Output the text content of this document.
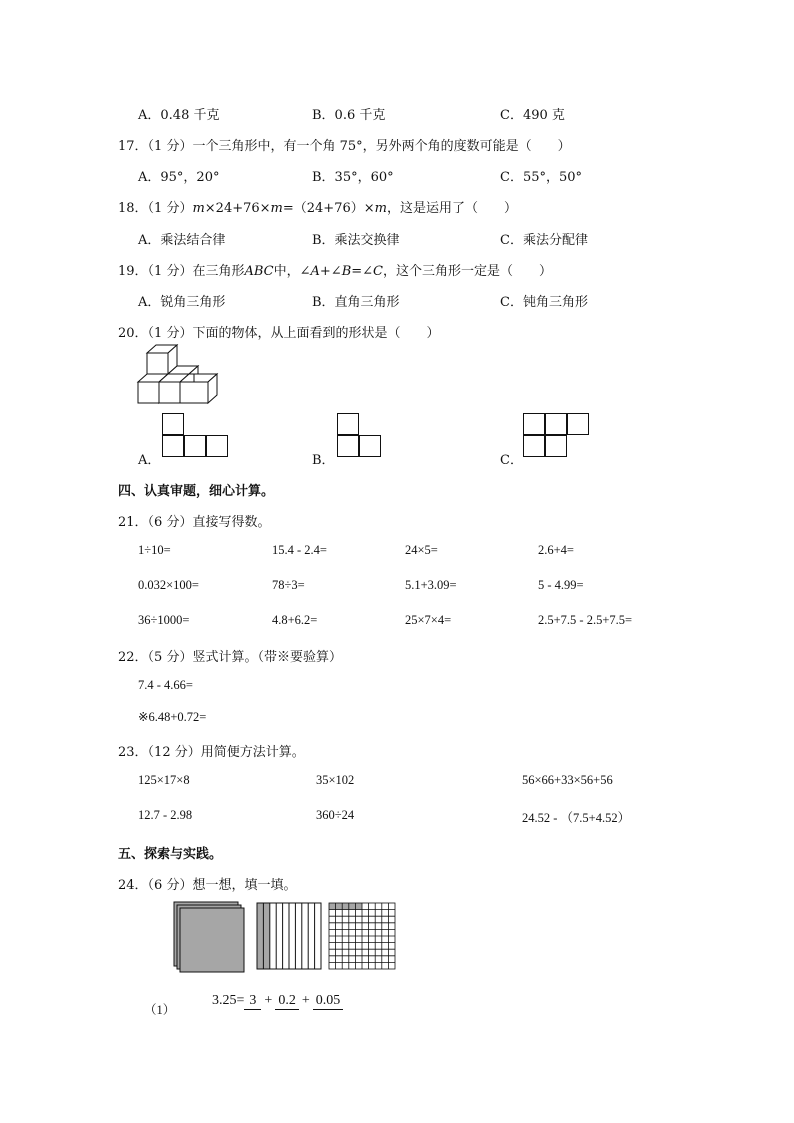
A．0.48 千克	B．0.6 千克	C．490 克
17．（1 分）一个三角形中，有一个角 75°，另外两个角的度数可能是（　　）
A．95°，20°	B．35°，60°	C．55°，50°
18．（1 分）m×24+76×m=（24+76）×m，这是运用了（　　）
A．乘法结合律	B．乘法交换律	C．乘法分配律
19．（1 分）在三角形ABC中，∠A+∠B=∠C，这个三角形一定是（　　）
A．锐角三角形	B．直角三角形	C．钝角三角形
20．（1 分）下面的物体，从上面看到的形状是（　　）
A．	B．	C．
四、认真审题，细心计算。
21．（6 分）直接写得数。
1÷10=	15.4 - 2.4=	24×5=	2.6+4=
0.032×100=	78÷3=	5.1+3.09=	5 - 4.99=
36÷1000=	4.8+6.2=	25×7×4=	2.5+7.5 - 2.5+7.5=
22．（5 分）竖式计算。（带※要验算）
7.4 - 4.66=
※6.48+0.72=
23．（12 分）用简便方法计算。
125×17×8	35×102	56×66+33×56+56
12.7 - 2.98	360÷24	24.52 - （7.5+4.52）
五、探索与实践。
24．（6 分）想一想，填一填。
（1）
3.25= 3 + 0.2 + 0.05
